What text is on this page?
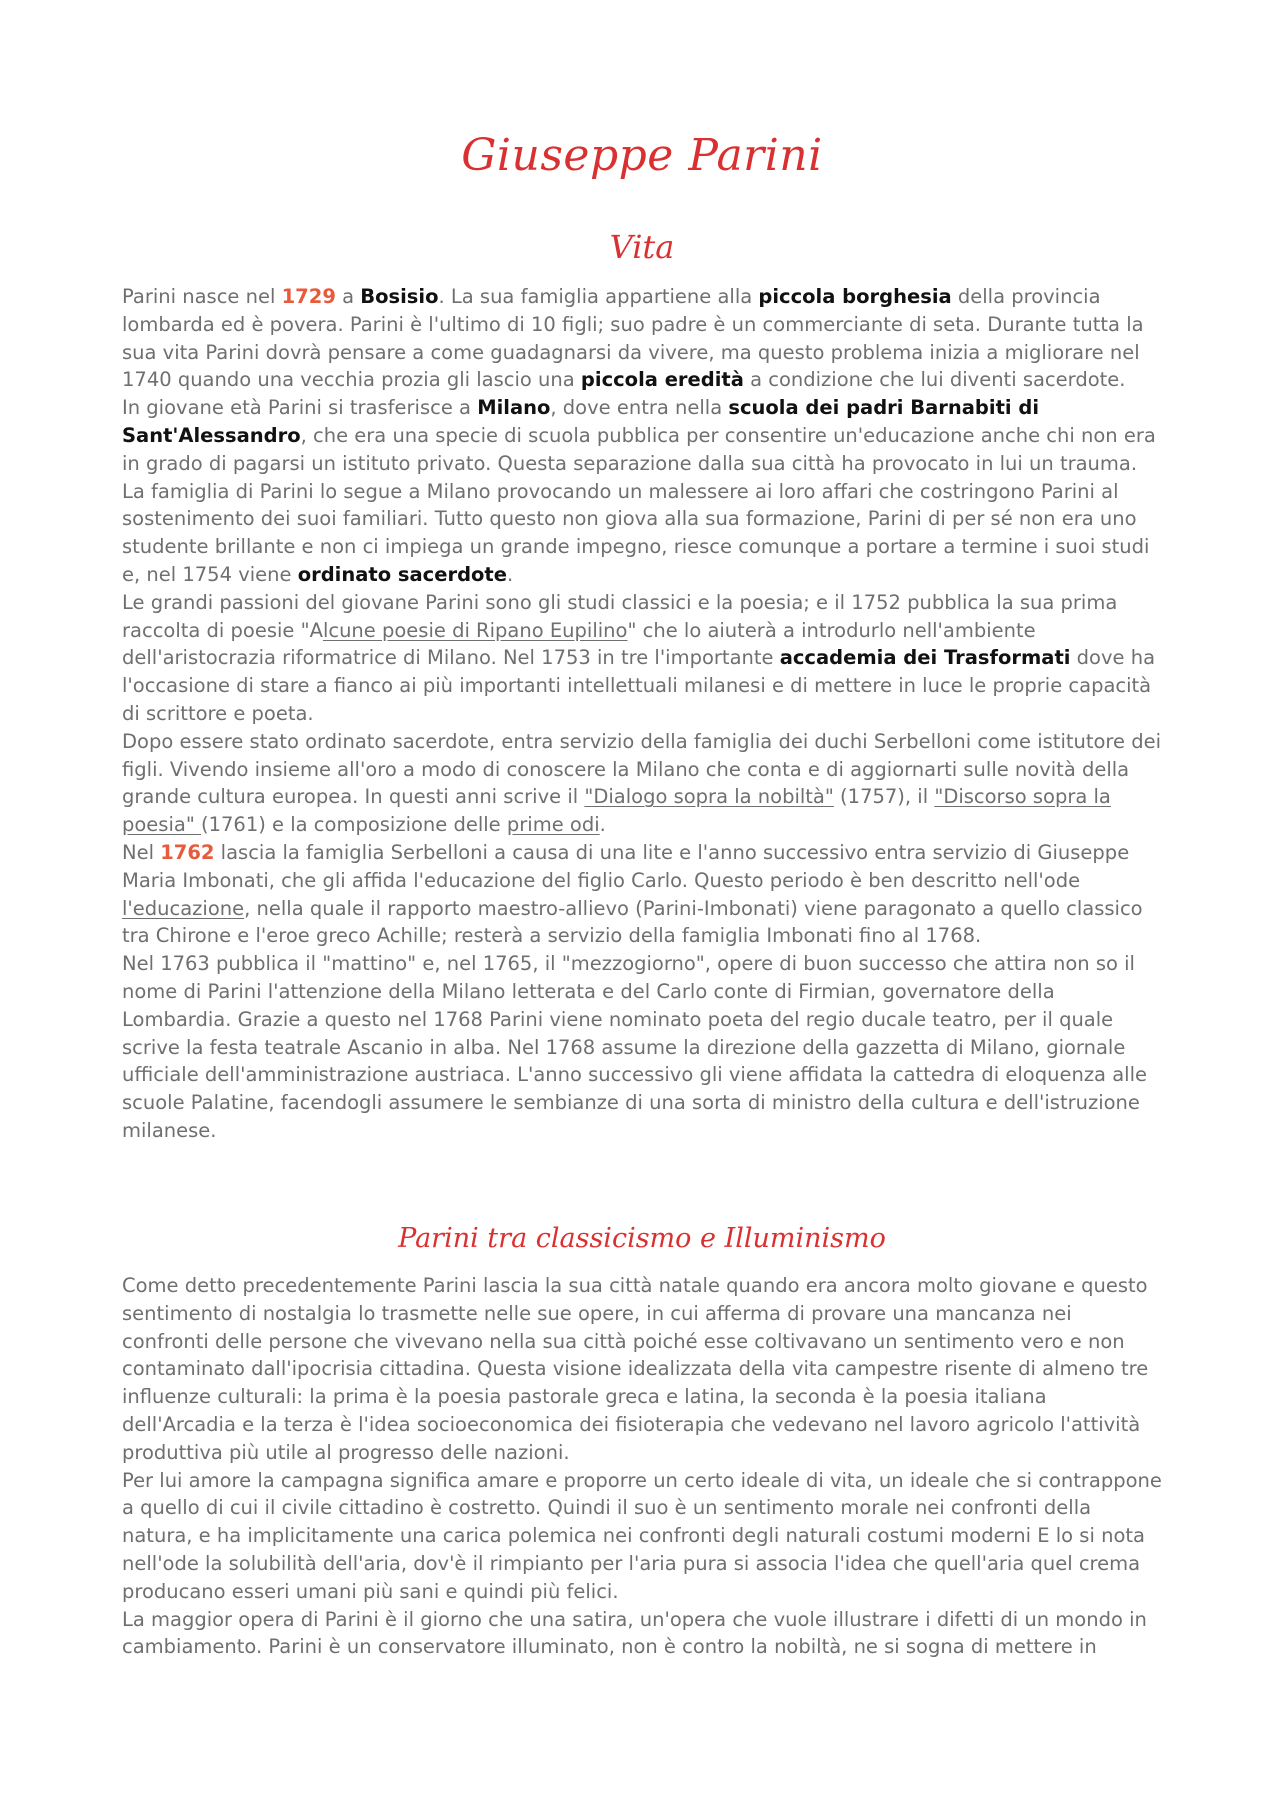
Giuseppe Parini
Vita

Parini nasce nel 1729 a Bosisio. La sua famiglia appartiene alla piccola borghesia della provincia lombarda ed è povera. Parini è l'ultimo di 10 figli; suo padre è un commerciante di seta. Durante tutta la sua vita Parini dovrà pensare a come guadagnarsi da vivere, ma questo problema inizia a migliorare nel 1740 quando una vecchia prozia gli lascio una piccola eredità a condizione che lui diventi sacerdote.

In giovane età Parini si trasferisce a Milano, dove entra nella scuola dei padri Barnabiti di Sant'Alessandro, che era una specie di scuola pubblica per consentire un'educazione anche chi non era in grado di pagarsi un istituto privato. Questa separazione dalla sua città ha provocato in lui un trauma. La famiglia di Parini lo segue a Milano provocando un malessere ai loro affari che costringono Parini al sostenimento dei suoi familiari. Tutto questo non giova alla sua formazione, Parini di per sé non era uno studente brillante e non ci impiega un grande impegno, riesce comunque a portare a termine i suoi studi e, nel 1754 viene ordinato sacerdote.

Le grandi passioni del giovane Parini sono gli studi classici e la poesia; e il 1752 pubblica la sua prima raccolta di poesie "Alcune poesie di Ripano Eupilino" che lo aiuterà a introdurlo nell'ambiente dell'aristocrazia riformatrice di Milano. Nel 1753 in tre l'importante accademia dei Trasformati dove ha l'occasione di stare a fianco ai più importanti intellettuali milanesi e di mettere in luce le proprie capacità di scrittore e poeta.

Dopo essere stato ordinato sacerdote, entra servizio della famiglia dei duchi Serbelloni come istitutore dei figli. Vivendo insieme all'oro a modo di conoscere la Milano che conta e di aggiornarti sulle novità della grande cultura europea. In questi anni scrive il "Dialogo sopra la nobiltà" (1757), il "Discorso sopra la poesia" (1761) e la composizione delle prime odi.

Nel 1762 lascia la famiglia Serbelloni a causa di una lite e l'anno successivo entra servizio di Giuseppe Maria Imbonati, che gli affida l'educazione del figlio Carlo. Questo periodo è ben descritto nell'ode l'educazione, nella quale il rapporto maestro-allievo (Parini-Imbonati) viene paragonato a quello classico tra Chirone e l'eroe greco Achille; resterà a servizio della famiglia Imbonati fino al 1768.

Nel 1763 pubblica il "mattino" e, nel 1765, il "mezzogiorno", opere di buon successo che attira non so il nome di Parini l'attenzione della Milano letterata e del Carlo conte di Firmian, governatore della Lombardia. Grazie a questo nel 1768 Parini viene nominato poeta del regio ducale teatro, per il quale scrive la festa teatrale Ascanio in alba. Nel 1768 assume la direzione della gazzetta di Milano, giornale ufficiale dell'amministrazione austriaca. L'anno successivo gli viene affidata la cattedra di eloquenza alle scuole Palatine, facendogli assumere le sembianze di una sorta di ministro della cultura e dell'istruzione milanese.

Parini tra classicismo e Illuminismo

Come detto precedentemente Parini lascia la sua città natale quando era ancora molto giovane e questo sentimento di nostalgia lo trasmette nelle sue opere, in cui afferma di provare una mancanza nei confronti delle persone che vivevano nella sua città poiché esse coltivavano un sentimento vero e non contaminato dall'ipocrisia cittadina. Questa visione idealizzata della vita campestre risente di almeno tre influenze culturali: la prima è la poesia pastorale greca e latina, la seconda è la poesia italiana dell'Arcadia e la terza è l'idea socioeconomica dei fisioterapia che vedevano nel lavoro agricolo l'attività produttiva più utile al progresso delle nazioni.

Per lui amore la campagna significa amare e proporre un certo ideale di vita, un ideale che si contrappone a quello di cui il civile cittadino è costretto. Quindi il suo è un sentimento morale nei confronti della natura, e ha implicitamente una carica polemica nei confronti degli naturali costumi moderni E lo si nota nell'ode la solubilità dell'aria, dov'è il rimpianto per l'aria pura si associa l'idea che quell'aria quel crema producano esseri umani più sani e quindi più felici.

La maggior opera di Parini è il giorno che una satira, un'opera che vuole illustrare i difetti di un mondo in cambiamento. Parini è un conservatore illuminato, non è contro la nobiltà, ne si sogna di mettere in
